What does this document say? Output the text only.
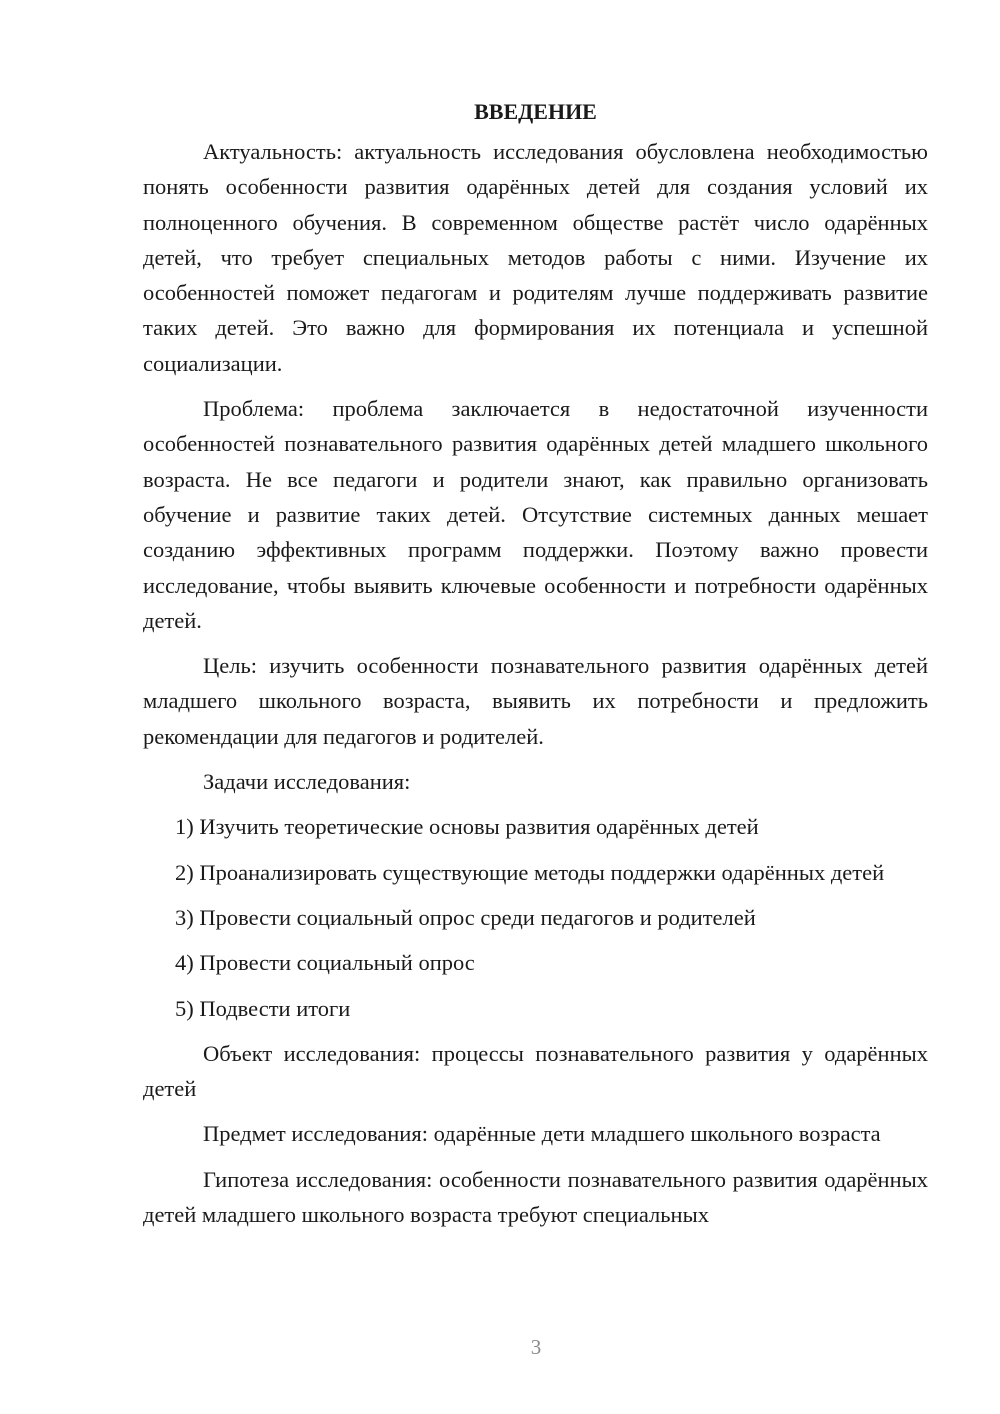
ВВЕДЕНИЕ

Актуальность: актуальность исследования обусловлена необходимостью понять особенности развития одарённых детей для создания условий их полноценного обучения. В современном обществе растёт число одарённых детей, что требует специальных методов работы с ними. Изучение их особенностей поможет педагогам и родителям лучше поддерживать развитие таких детей. Это важно для формирования их потенциала и успешной социализации.

Проблема: проблема заключается в недостаточной изученности особенностей познавательного развития одарённых детей младшего школьного возраста. Не все педагоги и родители знают, как правильно организовать обучение и развитие таких детей. Отсутствие системных данных мешает созданию эффективных программ поддержки. Поэтому важно провести исследование, чтобы выявить ключевые особенности и потребности одарённых детей.

Цель: изучить особенности познавательного развития одарённых детей младшего школьного возраста, выявить их потребности и предложить рекомендации для педагогов и родителей.

Задачи исследования:

1) Изучить теоретические основы развития одарённых детей

2) Проанализировать существующие методы поддержки одарённых детей

3) Провести социальный опрос среди педагогов и родителей

4) Провести социальный опрос

5) Подвести итоги

Объект исследования: процессы познавательного развития у одарённых детей

Предмет исследования: одарённые дети младшего школьного возраста

Гипотеза исследования: особенности познавательного развития одарённых детей младшего школьного возраста требуют специальных

3
